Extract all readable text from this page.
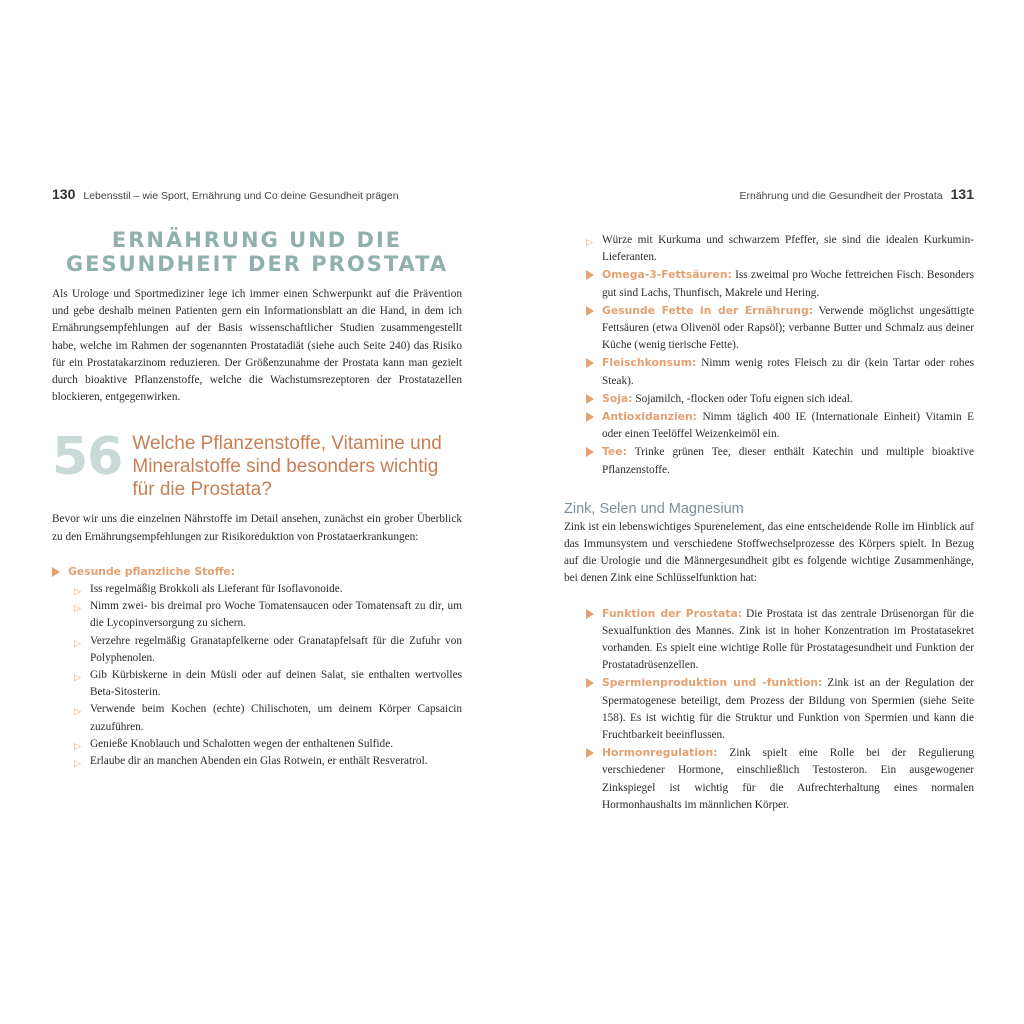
130 Lebensstil – wie Sport, Ernährung und Co deine Gesundheit prägen
ERNÄHRUNG UND DIE
GESUNDHEIT DER PROSTATA

Als Urologe und Sportmediziner lege ich immer einen Schwerpunkt auf die Prävention und gebe deshalb meinen Patienten gern ein Informationsblatt an die Hand, in dem ich Ernährungsempfehlungen auf der Basis wissenschaftlicher Studien zusammengestellt habe, welche im Rahmen der sogenannten Prostatadiät (siehe auch Seite 240) das Risiko für ein Prostatakarzinom reduzieren. Der Größenzunahme der Prostata kann man gezielt durch bioaktive Pflanzenstoffe, welche die Wachstumsrezeptoren der Prostatazellen blockieren, entgegenwirken.

56 Welche Pflanzenstoffe, Vitamine und Mineralstoffe sind besonders wichtig für die Prostata?

Bevor wir uns die einzelnen Nährstoffe im Detail ansehen, zunächst ein grober Überblick zu den Ernährungsempfehlungen zur Risikoreduktion von Prostataerkrankungen:

Gesunde pflanzliche Stoffe:
▷ Iss regelmäßig Brokkoli als Lieferant für Isoflavonoide.
▷ Nimm zwei- bis dreimal pro Woche Tomatensaucen oder Tomatensaft zu dir, um die Lycopinversorgung zu sichern.
▷ Verzehre regelmäßig Granatapfelkerne oder Granatapfelsaft für die Zufuhr von Polyphenolen.
▷ Gib Kürbiskerne in dein Müsli oder auf deinen Salat, sie enthalten wertvolles Beta-Sitosterin.
▷ Verwende beim Kochen (echte) Chilischoten, um deinem Körper Capsaicin zuzuführen.
▷ Genieße Knoblauch und Schalotten wegen der enthaltenen Sulfide.
▷ Erlaube dir an manchen Abenden ein Glas Rotwein, er enthält Resveratrol.
Ernährung und die Gesundheit der Prostata 131
▷ Würze mit Kurkuma und schwarzem Pfeffer, sie sind die idealen Kurkumin-Lieferanten.
Omega-3-Fettsäuren: Iss zweimal pro Woche fettreichen Fisch. Besonders gut sind Lachs, Thunfisch, Makrele und Hering.
Gesunde Fette in der Ernährung: Verwende möglichst ungesättigte Fettsäuren (etwa Olivenöl oder Rapsöl); verbanne Butter und Schmalz aus deiner Küche (wenig tierische Fette).
Fleischkonsum: Nimm wenig rotes Fleisch zu dir (kein Tartar oder rohes Steak).
Soja: Sojamilch, -flocken oder Tofu eignen sich ideal.
Antioxidanzien: Nimm täglich 400 IE (Internationale Einheit) Vitamin E oder einen Teelöffel Weizenkeimöl ein.
Tee: Trinke grünen Tee, dieser enthält Katechin und multiple bioaktive Pflanzenstoffe.
Zink, Selen und Magnesium

Zink ist ein lebenswichtiges Spurenelement, das eine entscheidende Rolle im Hinblick auf das Immunsystem und verschiedene Stoffwechselprozesse des Körpers spielt. In Bezug auf die Urologie und die Männergesundheit gibt es folgende wichtige Zusammenhänge, bei denen Zink eine Schlüsselfunktion hat:

Funktion der Prostata: Die Prostata ist das zentrale Drüsenorgan für die Sexualfunktion des Mannes. Zink ist in hoher Konzentration im Prostatasekret vorhanden. Es spielt eine wichtige Rolle für Prostatagesundheit und Funktion der Prostatadrüsenzellen.
Spermienproduktion und -funktion: Zink ist an der Regulation der Spermatogenese beteiligt, dem Prozess der Bildung von Spermien (siehe Seite 158). Es ist wichtig für die Struktur und Funktion von Spermien und kann die Fruchtbarkeit beeinflussen.
Hormonregulation: Zink spielt eine Rolle bei der Regulierung verschiedener Hormone, einschließlich Testosteron. Ein ausgewogener Zinkspiegel ist wichtig für die Aufrechterhaltung eines normalen Hormonhaushalts im männlichen Körper.
